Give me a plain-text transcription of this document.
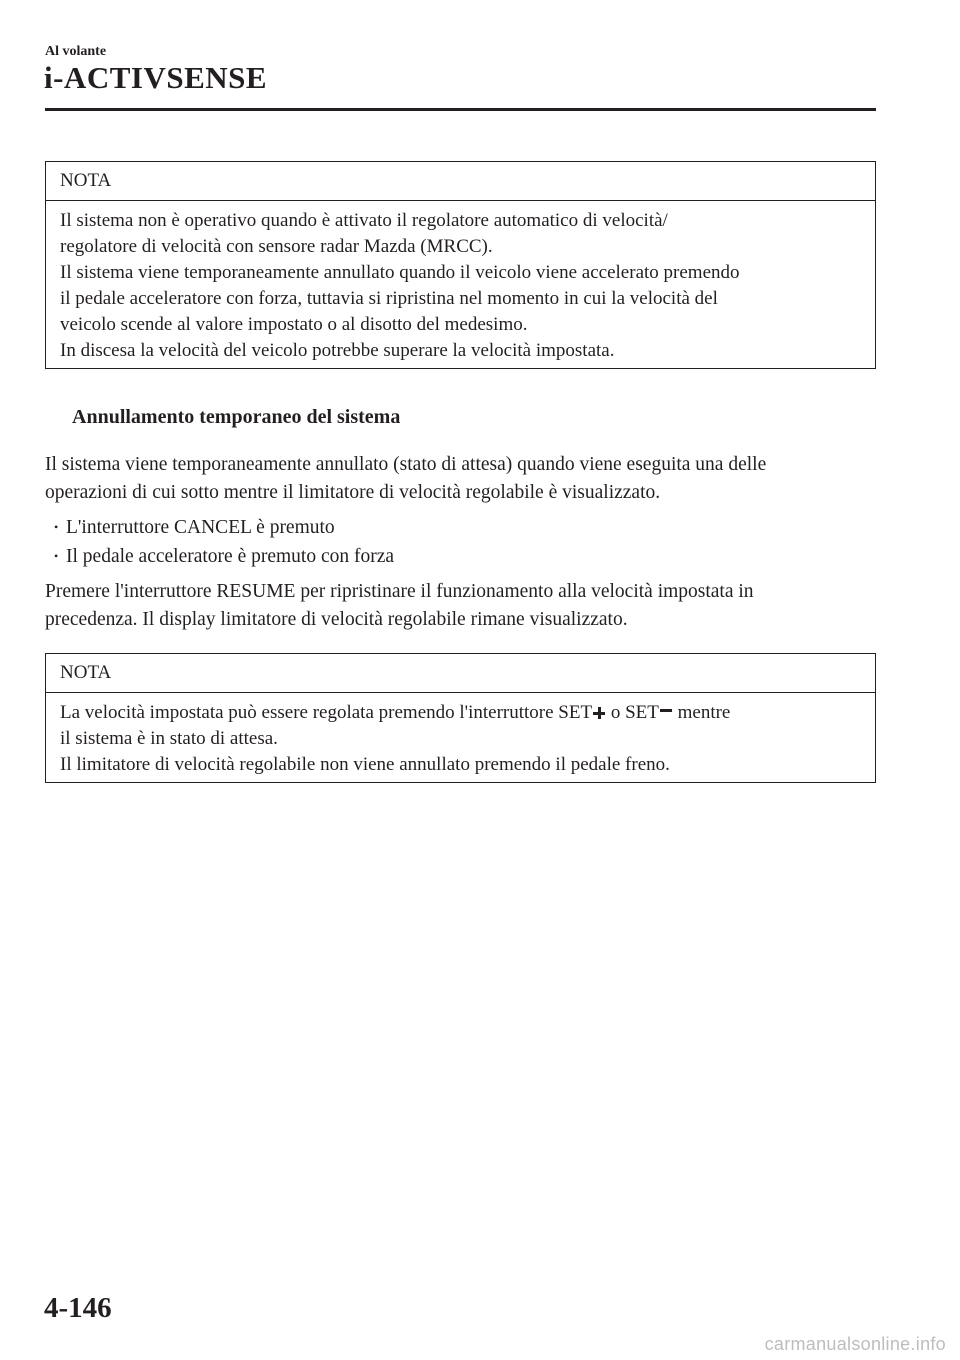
Al volante
i-ACTIVSENSE
NOTA

Il sistema non è operativo quando è attivato il regolatore automatico di velocità/

regolatore di velocità con sensore radar Mazda (MRCC).

Il sistema viene temporaneamente annullato quando il veicolo viene accelerato premendo

il pedale acceleratore con forza, tuttavia si ripristina nel momento in cui la velocità del

veicolo scende al valore impostato o al disotto del medesimo.

In discesa la velocità del veicolo potrebbe superare la velocità impostata.

Annullamento temporaneo del sistema

Il sistema viene temporaneamente annullato (stato di attesa) quando viene eseguita una delle
operazioni di cui sotto mentre il limitatore di velocità regolabile è visualizzato.

• L'interruttore CANCEL è premuto
• Il pedale acceleratore è premuto con forza

Premere l'interruttore RESUME per ripristinare il funzionamento alla velocità impostata in
precedenza. Il display limitatore di velocità regolabile rimane visualizzato.

NOTA

La velocità impostata può essere regolata premendo l'interruttore SET o SET mentre

il sistema è in stato di attesa.

Il limitatore di velocità regolabile non viene annullato premendo il pedale freno.

4-146
carmanualsonline.info
